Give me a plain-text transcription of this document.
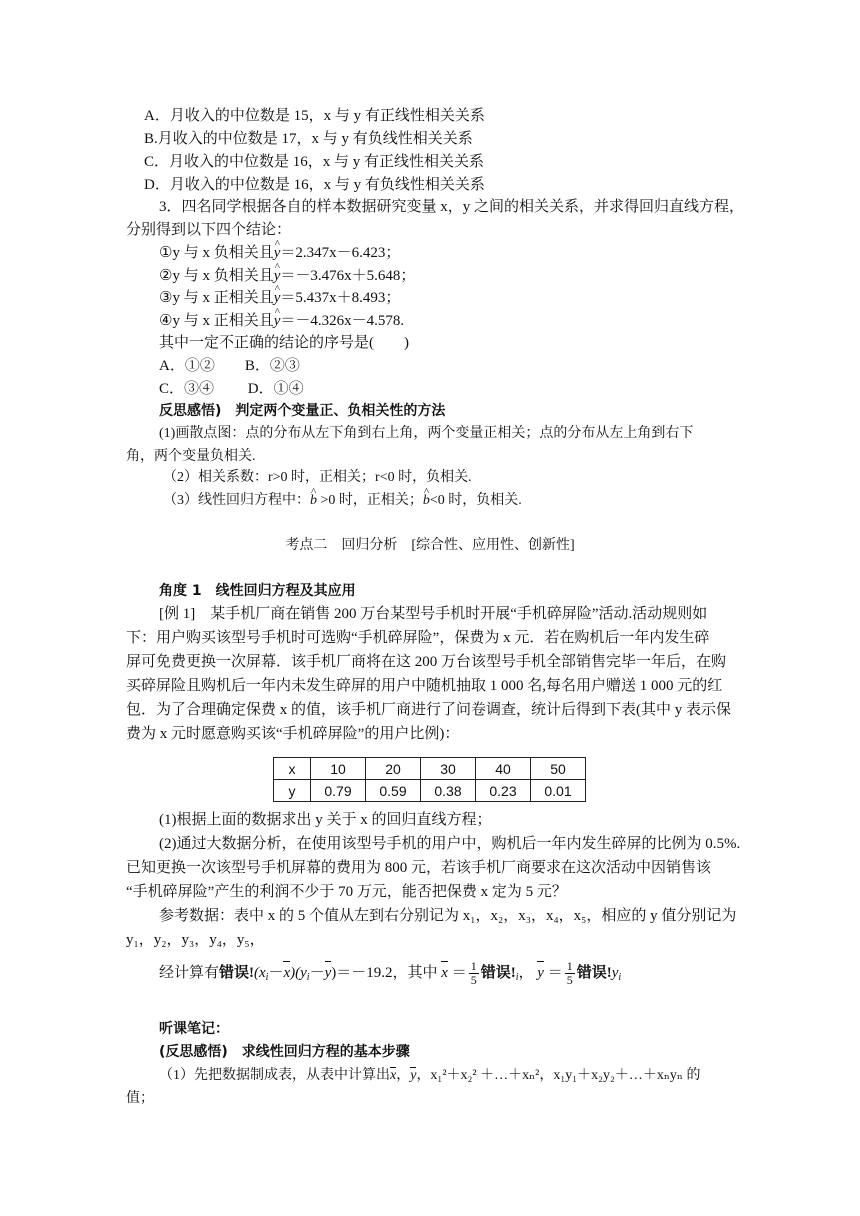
A．月收入的中位数是 15，x 与 y 有正线性相关关系
B.月收入的中位数是 17，x 与 y 有负线性相关关系
C．月收入的中位数是 16，x 与 y 有正线性相关关系
D．月收入的中位数是 16，x 与 y 有负线性相关关系
3．四名同学根据各自的样本数据研究变量 x，y 之间的相关关系，并求得回归直线方程，
分别得到以下四个结论：
①y 与 x 负相关且^ y＝2.347x－6.423；
②y 与 x 负相关且^ y＝－3.476x＋5.648；
③y 与 x 正相关且^ y＝5.437x＋8.493；
④y 与 x 正相关且^ y＝－4.326x－4.578.
其中一定不正确的结论的序号是(　　)
A．①②　　B．②③
C．③④　　 D．①④
反思感悟)　判定两个变量正、负相关性的方法
(1)画散点图：点的分布从左下角到右上角，两个变量正相关；点的分布从左上角到右下
角，两个变量负相关.
（2）相关系数：r>0 时，正相关；r<0 时，负相关.
（3）线性回归方程中：^ b >0 时，正相关；^ b<0 时，负相关.
考点二　回归分析　[综合性、应用性、创新性]
角度 1　线性回归方程及其应用
[例 1]　某手机厂商在销售 200 万台某型号手机时开展“手机碎屏险”活动.活动规则如
下：用户购买该型号手机时可选购“手机碎屏险”，保费为 x 元．若在购机后一年内发生碎
屏可免费更换一次屏幕．该手机厂商将在这 200 万台该型号手机全部销售完毕一年后，在购
买碎屏险且购机后一年内未发生碎屏的用户中随机抽取 1 000 名,每名用户赠送 1 000 元的红
包．为了合理确定保费 x 的值，该手机厂商进行了问卷调查，统计后得到下表(其中 y 表示保
费为 x 元时愿意购买该“手机碎屏险”的用户比例)：
x	10	20	30	40	50
y	0.79	0.59	0.38	0.23	0.01
(1)根据上面的数据求出 y 关于 x 的回归直线方程；
(2)通过大数据分析，在使用该型号手机的用户中，购机后一年内发生碎屏的比例为 0.5%.
已知更换一次该型号手机屏幕的费用为 800 元，若该手机厂商要求在这次活动中因销售该
“手机碎屏险”产生的利润不少于 70 万元，能否把保费 x 定为 5 元？
参考数据：表中 x 的 5 个值从左到右分别记为 x₁，x₂，x₃，x₄，x₅，相应的 y 值分别记为
y₁，y₂，y₃，y₄，y₅，
经计算有错误$!(x_i-x)(y_i-y)=-19.2$，其中 $x = \frac{1}{5}$ 错误$!_i$， $y = \frac{1}{5}$ 错误$!y_i$
听课笔记：
(反思感悟)　求线性回归方程的基本步骤
（1）先把数据制成表，从表中计算出x，y，x₁²＋x₂² ＋…＋xₙ²，x₁y₁＋x₂y₂＋…＋xₙyₙ 的
值；
